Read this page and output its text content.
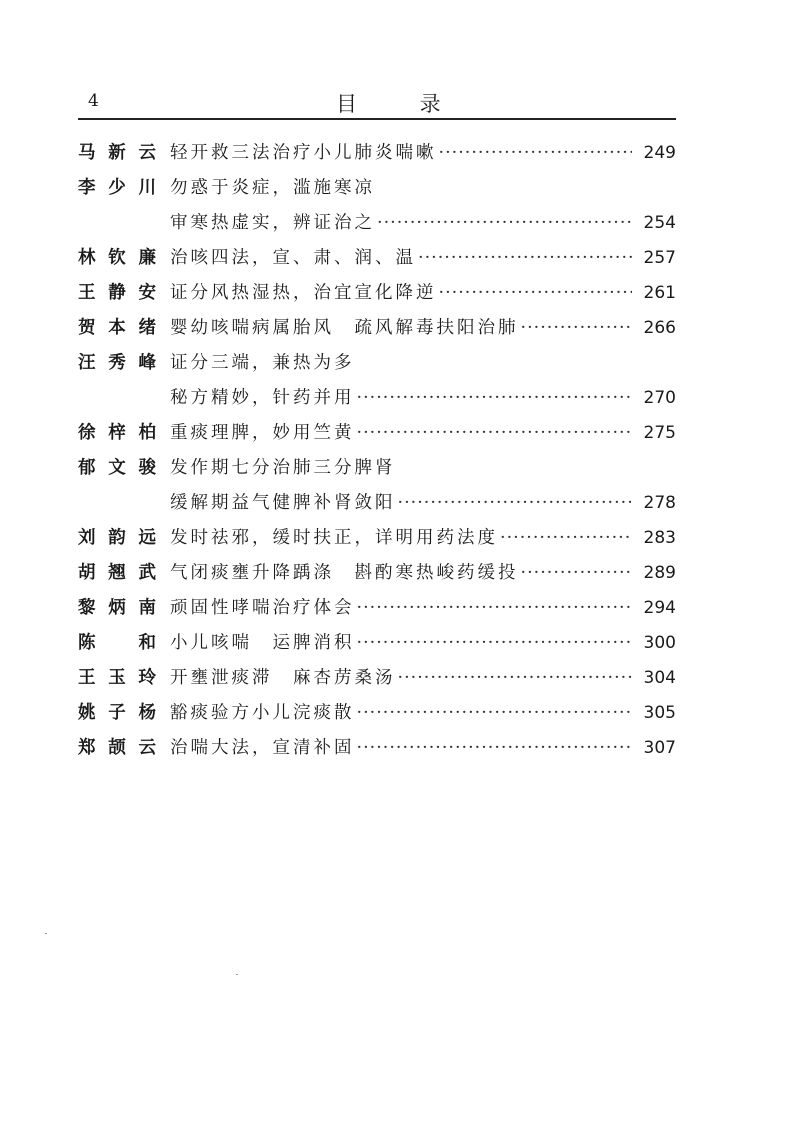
4	目 录
马新云 轻开救三法治疗小儿肺炎喘嗽 ·····	249
李少川 勿惑于炎症，滥施寒凉
审寒热虚实，辨证治之 ·····	254
林钦廉 治咳四法，宣、肃、润、温 ·····	257
王静安 证分风热湿热，治宜宣化降逆 ·····	261
贺本绪 婴幼咳喘病属胎风　疏风解毒扶阳治肺 ·····	266
汪秀峰 证分三端，兼热为多
秘方精妙，针药并用 ·····	270
徐梓柏 重痰理脾，妙用竺黄 ·····	275
郁文骏 发作期七分治肺三分脾肾
缓解期益气健脾补肾敛阳 ·····	278
刘韵远 发时祛邪，缓时扶正，详明用药法度 ·····	283
胡翘武 气闭痰壅升降踽涤　斟酌寒热峻药缓投 ·····	289
黎炳南 顽固性哮喘治疗体会 ·····	294
陈　和 小儿咳喘　运脾消积 ·····	300
王玉玲 开壅泄痰滞　麻杏苈桑汤 ·····	304
姚子杨 豁痰验方小儿浣痰散 ·····	305
郑颉云 治喘大法，宣清补固 ·····	307
